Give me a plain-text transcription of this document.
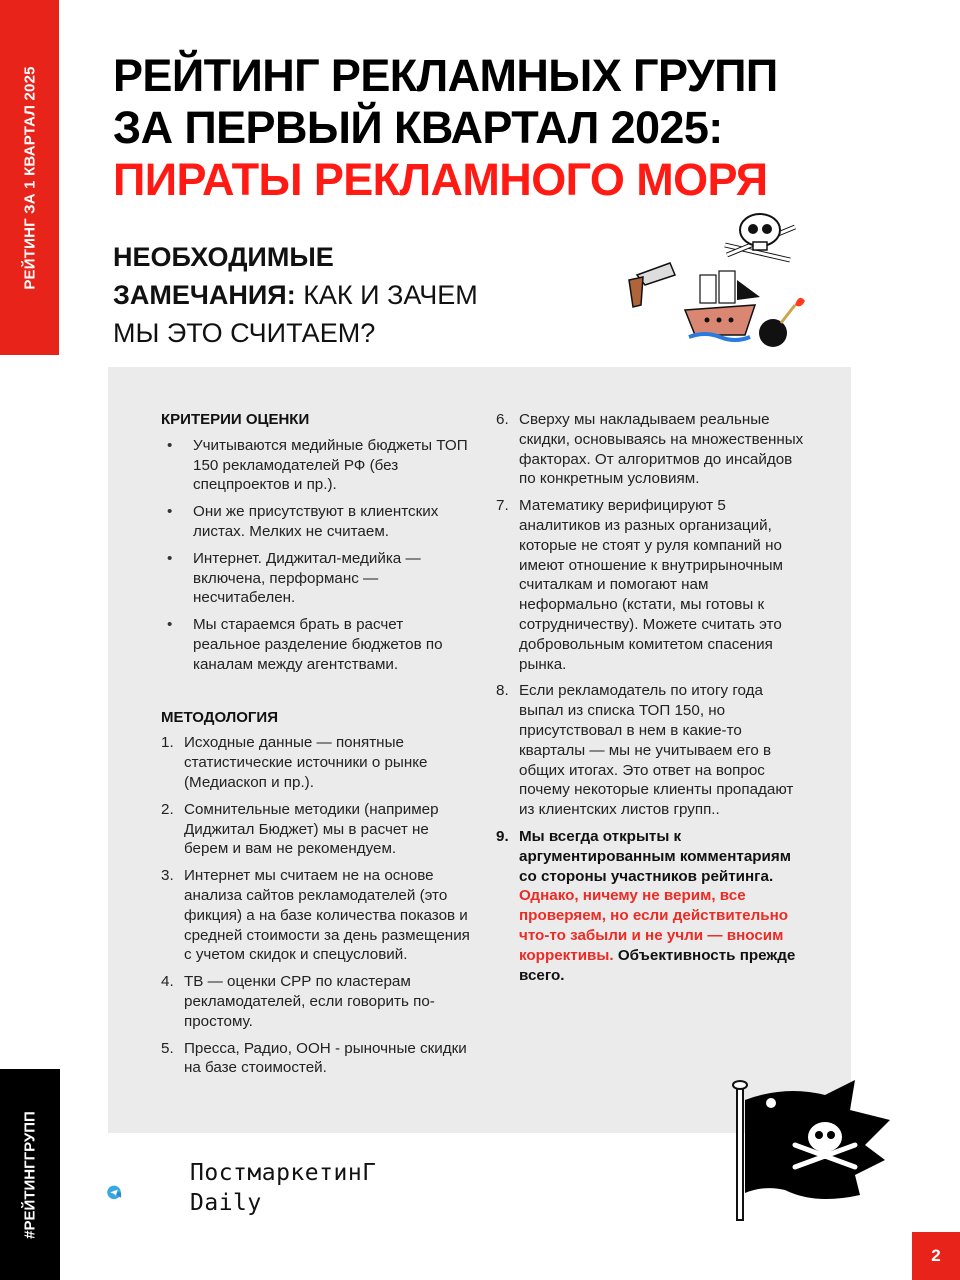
РЕЙТИНГ ЗА 1 КВАРТАЛ 2025 РЕЙТИНГ РЕКЛАМНЫХ ГРУПП
ЗА ПЕРВЫЙ КВАРТАЛ 2025:
ПИРАТЫ РЕКЛАМНОГО МОРЯ
НЕОБХОДИМЫЕ
ЗАМЕЧАНИЯ: КАК И ЗАЧЕМ
МЫ ЭТО СЧИТАЕМ?
КРИТЕРИИ ОЦЕНКИ
• Учитываются медийные бюджеты ТОП 150 рекламодателей РФ (без спецпроектов и пр.).
• Они же присутствуют в клиентских листах. Мелких не считаем.
• Интернет. Диджитал-медийка — включена, перформанс — несчитабелен.
• Мы стараемся брать в расчет реальное разделение бюджетов по каналам между агентствами.
МЕТОДОЛОГИЯ
1. Исходные данные — понятные статистические источники о рынке (Медиаскоп и пр.).
2. Сомнительные методики (например Диджитал Бюджет) мы в расчет не берем и вам не рекомендуем.
3. Интернет мы считаем не на основе анализа сайтов рекламодателей (это фикция) а на базе количества показов и средней стоимости за день размещения с учетом скидок и спецусловий.
4. ТВ — оценки СРР по кластерам рекламодателей, если говорить по-простому.
5. Пресса, Радио, ООН - рыночные скидки на базе стоимостей.
6. Сверху мы накладываем реальные скидки, основываясь на множественных факторах. От алгоритмов до инсайдов по конкретным условиям.
7. Математику верифицируют 5 аналитиков из разных организаций, которые не стоят у руля компаний но имеют отношение к внутрирыночным считалкам и помогают нам неформально (кстати, мы готовы к сотрудничеству). Можете считать это добровольным комитетом спасения рынка.
8. Если рекламодатель по итогу года выпал из списка ТОП 150, но присутствовал в нем в какие-то кварталы — мы не учитываем его в общих итогах. Это ответ на вопрос почему некоторые клиенты пропадают из клиентских листов групп..
9. Мы всегда открыты к аргументированным комментариям со стороны участников рейтинга. Однако, ничему не верим, все проверяем, но если действительно что-то забыли и не учли — вносим коррективы. Объективность прежде всего.
ПостмаркетинГ
Daily
#РЕЙТИНГГРУПП
2
